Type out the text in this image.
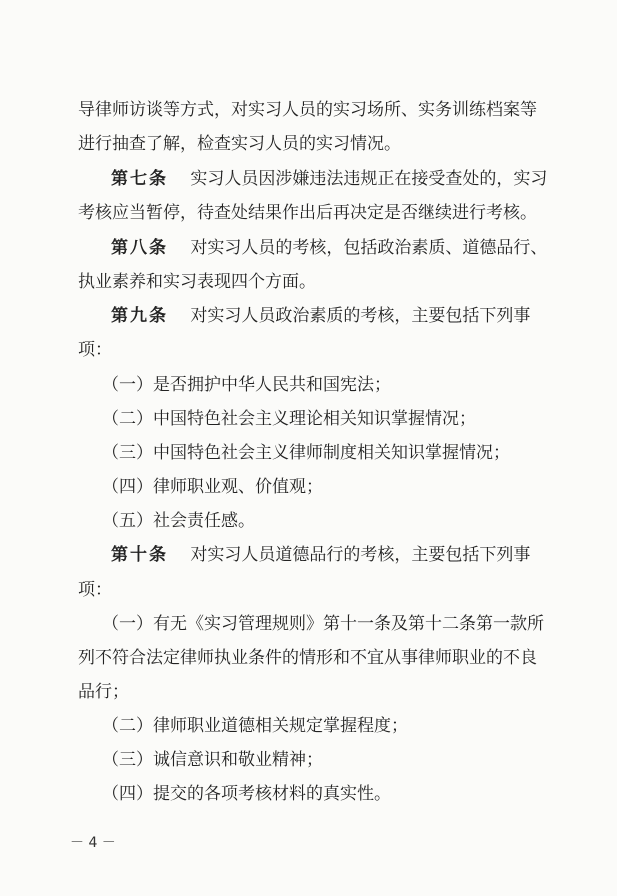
导律师访谈等方式，对实习人员的实习场所、实务训练档案等
进行抽查了解，检查实习人员的实习情况。
第七条　 实习人员因涉嫌违法违规正在接受查处的，实习
考核应当暂停，待查处结果作出后再决定是否继续进行考核。
第八条　 对实习人员的考核，包括政治素质、道德品行、
执业素养和实习表现四个方面。
第九条　 对实习人员政治素质的考核，主要包括下列事
项：
（一）是否拥护中华人民共和国宪法；
（二）中国特色社会主义理论相关知识掌握情况；
（三）中国特色社会主义律师制度相关知识掌握情况；
（四）律师职业观、价值观；
（五）社会责任感。
第十条　 对实习人员道德品行的考核，主要包括下列事
项：
（一）有无《实习管理规则》第十一条及第十二条第一款所
列不符合法定律师执业条件的情形和不宜从事律师职业的不良
品行；
（二）律师职业道德相关规定掌握程度；
（三）诚信意识和敬业精神；
（四）提交的各项考核材料的真实性。
－ 4 －
